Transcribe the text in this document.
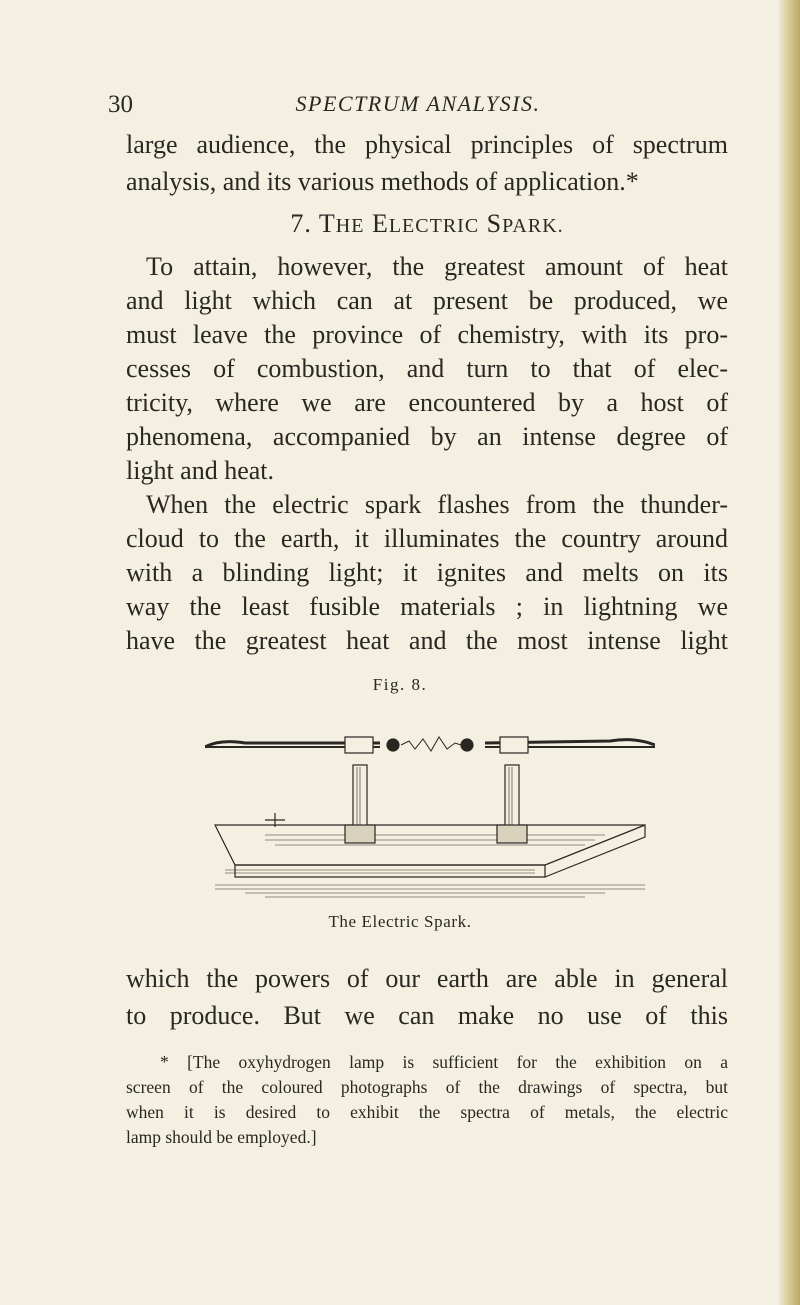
30	SPECTRUM ANALYSIS.
large audience, the physical principles of spectrum
analysis, and its various methods of application.*
7. THE ELECTRIC SPARK.
To attain, however, the greatest amount of heat
and light which can at present be produced, we
must leave the province of chemistry, with its pro-
cesses of combustion, and turn to that of elec-
tricity, where we are encountered by a host of
phenomena, accompanied by an intense degree of
light and heat.
When the electric spark flashes from the thunder-
cloud to the earth, it illuminates the country around
with a blinding light; it ignites and melts on its
way the least fusible materials ; in lightning we
Fig. 8.
The Electric Spark.
which the powers of our earth are able in general
to produce. But we can make no use of this
* [The oxyhydrogen lamp is sufficient for the exhibition on a
screen of the coloured photographs of the drawings of spectra, but
when it is desired to exhibit the spectra of metals, the electric
lamp should be employed.]
have the greatest heat and the most intense light
